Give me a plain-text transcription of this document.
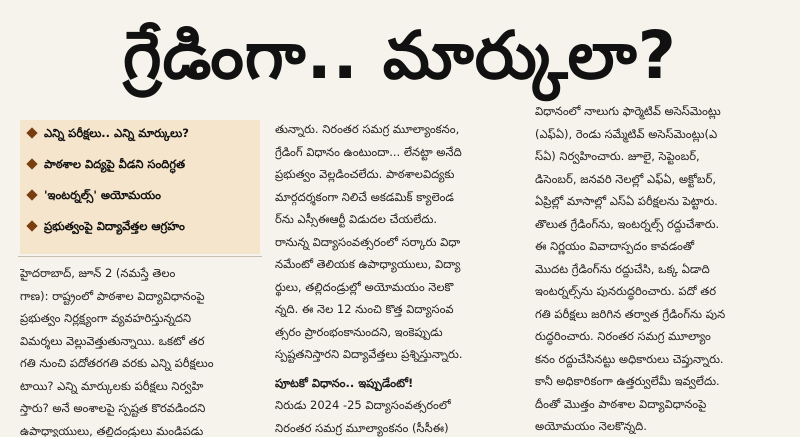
గ్రేడింగా.. మార్కులా?
ఎన్ని పరీక్షలు.. ఎన్ని మార్కులు?
పాఠశాల విద్యపై వీడని సందిగ్ధత
'ఇంటర్నల్స్' అయోమయం
ప్రభుత్వంపై విద్యావేత్తల ఆగ్రహం
హైదరాబాద్, జూన్ 2 (నమస్తే తెలం
గాణ): రాష్ట్రంలో పాఠశాల విద్యావిధానంపై
ప్రభుత్వం నిర్లక్ష్యంగా వ్యవహరిస్తున్నదని
విమర్శలు వెల్లువెత్తుతున్నాయి. ఒకటో తర
గతి నుంచి పదోతరగతి వరకు ఎన్ని పరీక్షలుం
టాయి? ఎన్ని మార్కులకు పరీక్షలు నిర్వహి
స్తారు? అనే అంశాలపై స్పష్టత కొరవడిందని
ఉపాధ్యాయులు, తల్లిదండ్రులు మండిపడు
తున్నారు. నిరంతర సమగ్ర మూల్యాంకనం,
గ్రేడింగ్ విధానం ఉంటుందా... లేనట్టా అనేది
ప్రభుత్వం వెల్లడించలేదు. పాఠశాలవిద్యకు
మార్గదర్శకంగా నిలిచే అకడమిక్ క్యాలెండ
ర్‌ను ఎస్సీఈఆర్టీ విడుదల చేయలేదు.
రానున్న విద్యాసంవత్సరంలో సర్కారు విధా
నమేంటో తెలియక ఉపాధ్యాయులు, విద్యా
ర్థులు, తల్లిదండ్రుల్లో అయోమయం నెలకొ
న్నది. ఈ నెల 12 నుంచి కొత్త విద్యాసంవ
త్సరం ప్రారంభంకానుందని, ఇంకెప్పుడు
స్పష్టతనిస్తారని విద్యావేత్తలు ప్రశ్నిస్తున్నారు.
పూటకో విధానం.. ఇప్పుడేంటో!
నిరుడు 2024 -25 విద్యాసంవత్సరంలో
నిరంతర సమగ్ర మూల్యాంకనం (సీసీఈ)
విధానంలో నాలుగు ఫార్మెటివ్ అసెస్‌మెంట్లు
(ఎఫ్‌ఏ), రెండు సమ్మేటివ్ అసెస్‌మెంట్లు(ఎ
స్‌ఏ) నిర్వహించారు. జూలై, సెప్టెంబర్,
డిసెంబర్, జనవరి నెలల్లో ఎఫ్‌ఏ, అక్టోబర్,
ఏప్రిల్లో మాసాల్లో ఎస్‌ఏ పరీక్షలను పెట్టారు.
తొలుత గ్రేడింగ్‌ను, ఇంటర్నల్స్ రద్దుచేశారు.
ఈ నిర్ణయం వివాదాస్పదం కావడంతో
మొదట గ్రేడింగ్‌ను రద్దుచేసి, ఒక్క ఏడాది
ఇంటర్నల్స్‌ను పునరుద్ధరించారు. పదో తర
గతి పరీక్షలు జరిగిన తర్వాత గ్రేడింగ్‌ను పున
రుద్ధరించారు. నిరంతర సమగ్ర మూల్యాం
కనం రద్దుచేసినట్టు అధికారులు చెప్తున్నారు.
కానీ అధికారికంగా ఉత్తర్వులేమీ ఇవ్వలేదు.
దీంతో మొత్తం పాఠశాల విద్యావిధానంపై
అయోమయం నెలకొన్నది.
